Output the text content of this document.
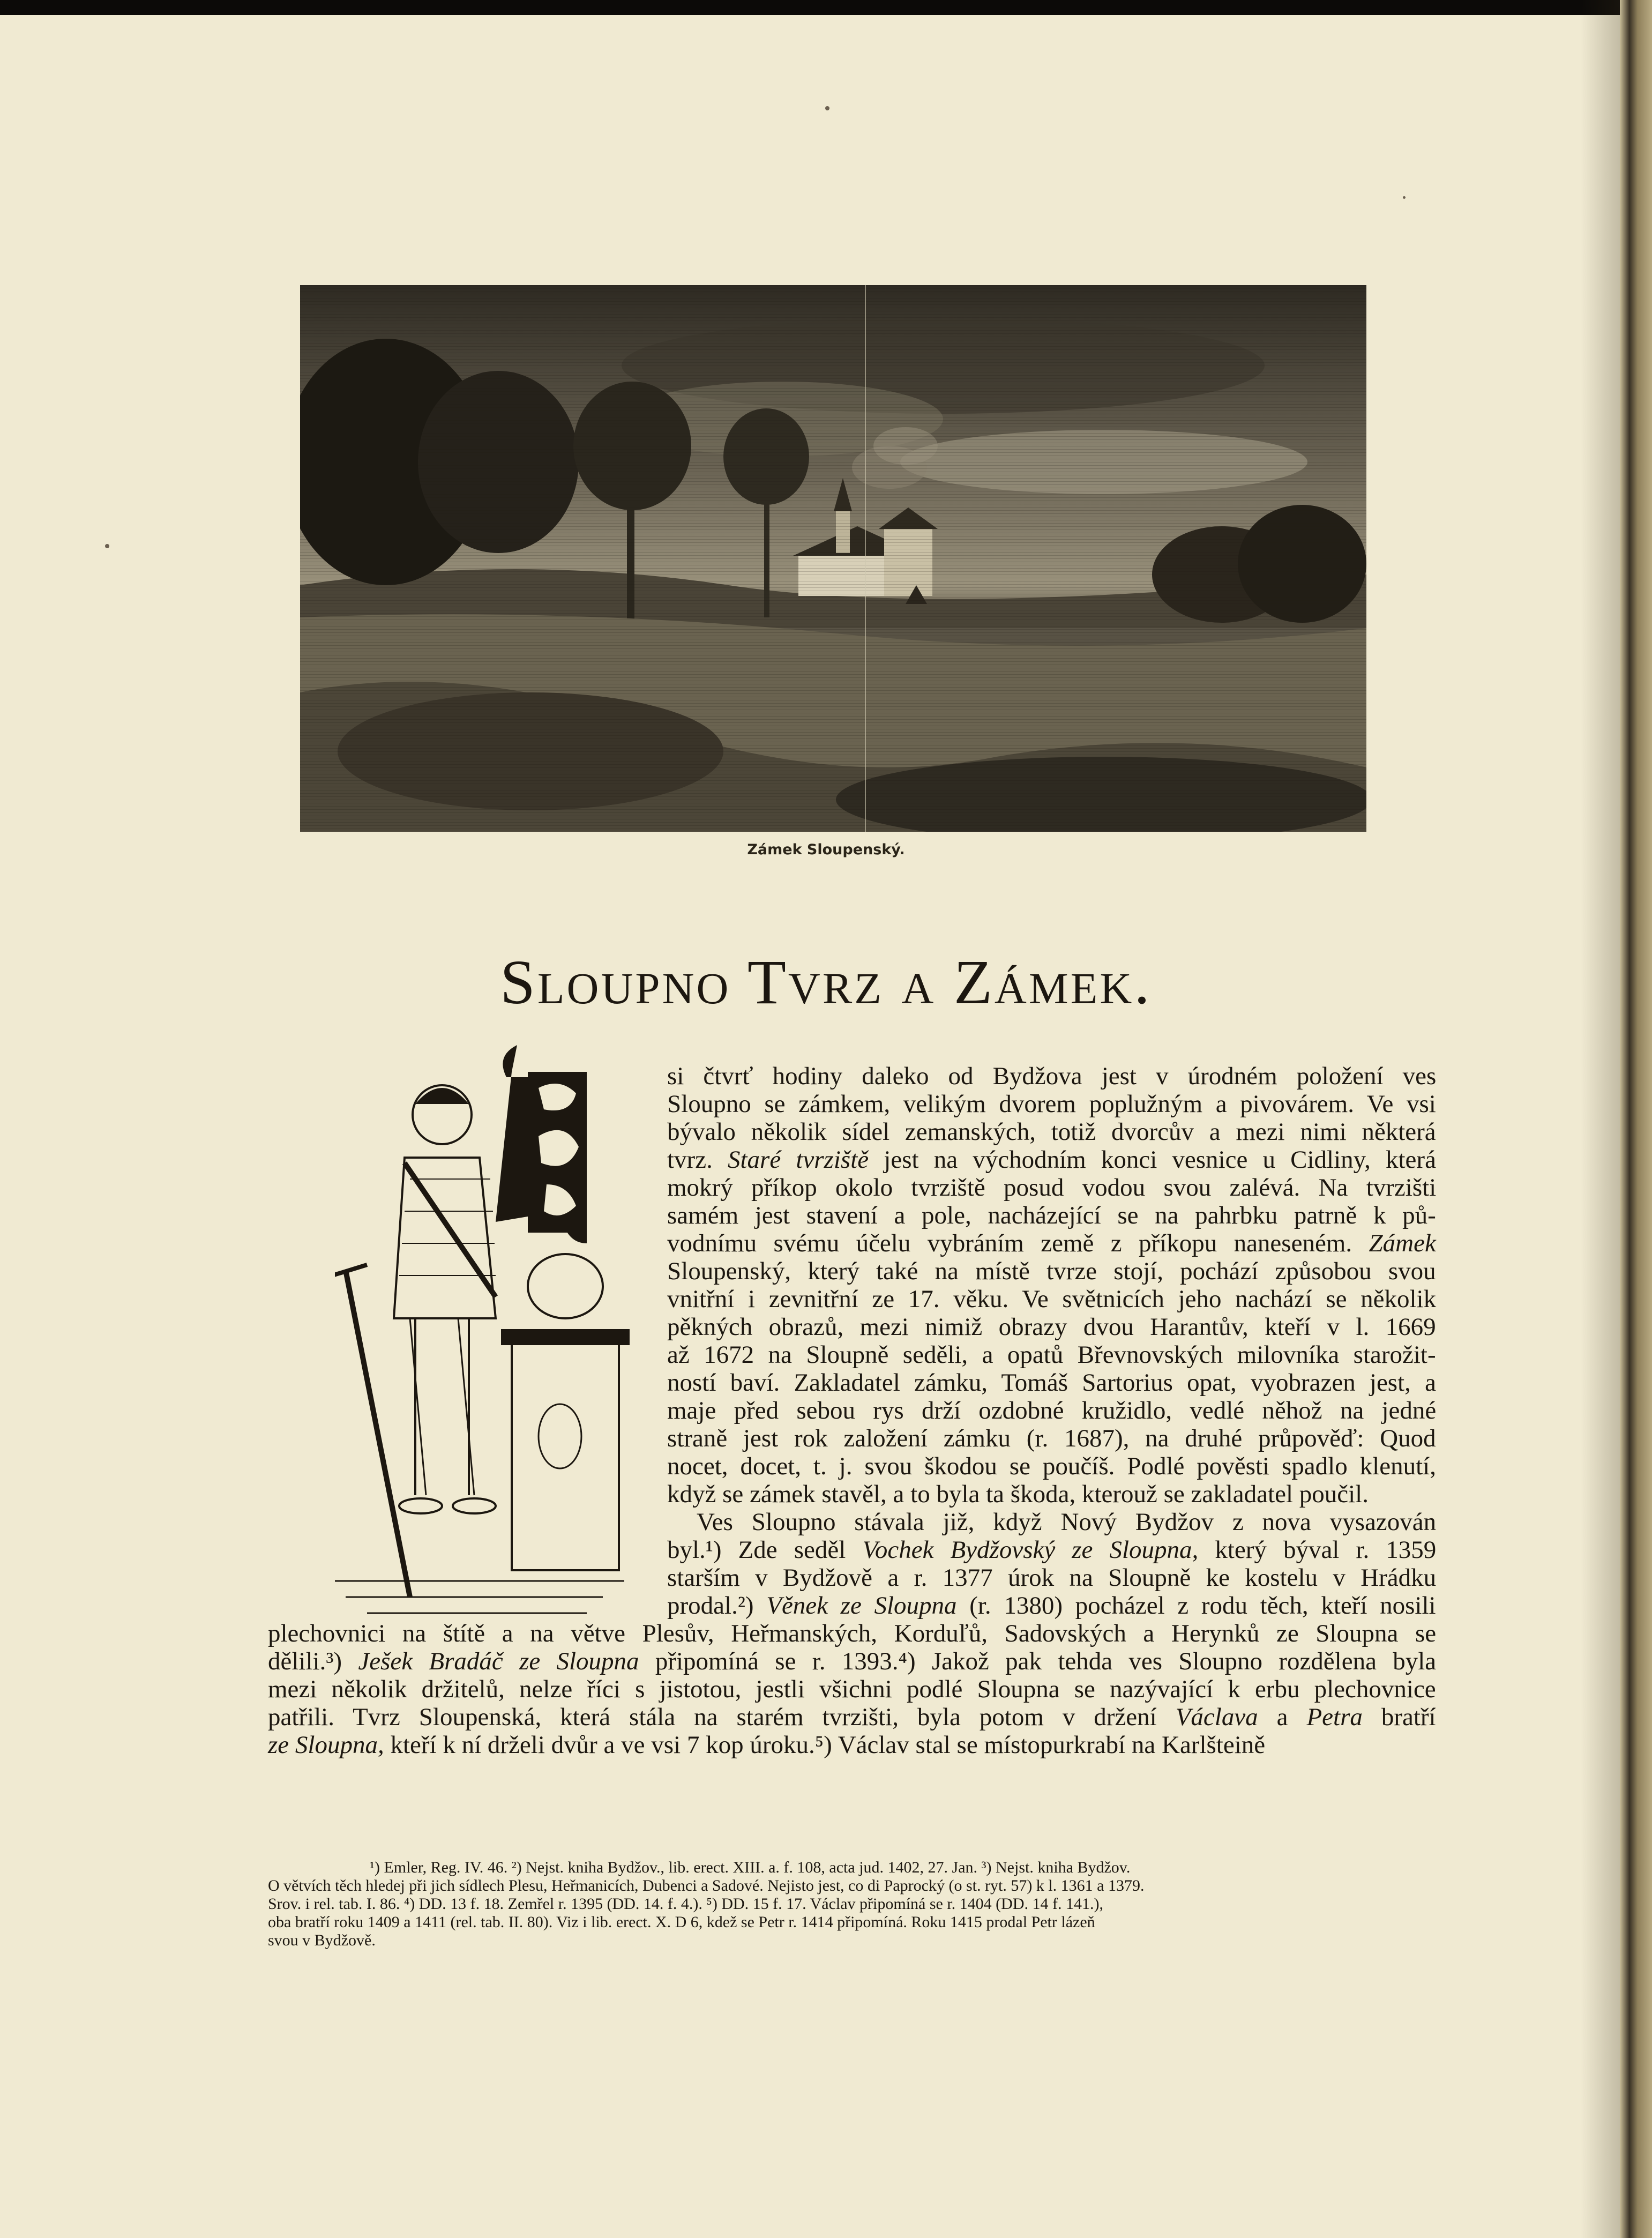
Zámek Sloupenský.
Sloupno Tvrz a Zámek.
si čtvrť hodiny daleko od Bydžova jest v úrodném položení ves
Sloupno se zámkem, velikým dvorem poplužným a pivovárem. Ve vsi
bývalo několik sídel zemanských, totiž dvorcův a mezi nimi některá
tvrz. Staré tvrziště jest na východním konci vesnice u Cidliny, která
mokrý příkop okolo tvrziště posud vodou svou zalévá. Na tvrzišti
samém jest stavení a pole, nacházející se na pahrbku patrně k pů-
vodnímu svému účelu vybráním země z příkopu naneseném. Zámek
Sloupenský, který také na místě tvrze stojí, pochází způsobou svou
vnitřní i zevnitřní ze 17. věku. Ve světnicích jeho nachází se několik
pěkných obrazů, mezi nimiž obrazy dvou Harantův, kteří v l. 1669
až 1672 na Sloupně seděli, a opatů Břevnovských milovníka starožit-
ností baví. Zakladatel zámku, Tomáš Sartorius opat, vyobrazen jest, a
maje před sebou rys drží ozdobné kružidlo, vedlé něhož na jedné
straně jest rok založení zámku (r. 1687), na druhé průpověď: Quod
nocet, docet, t. j. svou škodou se poučíš. Podlé pověsti spadlo klenutí,
když se zámek stavěl, a to byla ta škoda, kterouž se zakladatel poučil.
Ves Sloupno stávala již, když Nový Bydžov z nova vysazován
byl.¹) Zde seděl Vochek Bydžovský ze Sloupna, který býval r. 1359
starším v Bydžově a r. 1377 úrok na Sloupně ke kostelu v Hrádku
prodal.²) Věnek ze Sloupna (r. 1380) pocházel z rodu těch, kteří nosili
plechovnici na štítě a na větve Plesův, Heřmanských, Korduľů, Sadovských a Herynků ze Sloupna se
dělili.³) Ješek Bradáč ze Sloupna připomíná se r. 1393.⁴) Jakož pak tehda ves Sloupno rozdělena byla
mezi několik držitelů, nelze říci s jistotou, jestli všichni podlé Sloupna se nazývající k erbu plechovnice
patřili. Tvrz Sloupenská, která stála na starém tvrzišti, byla potom v držení Václava a Petra bratří
ze Sloupna, kteří k ní drželi dvůr a ve vsi 7 kop úroku.⁵) Václav stal se místopurkrabí na Karlšteině
¹) Emler, Reg. IV. 46. ²) Nejst. kniha Bydžov., lib. erect. XIII. a. f. 108, acta jud. 1402, 27. Jan. ³) Nejst. kniha Bydžov.
O větvích těch hledej při jich sídlech Plesu, Heřmanicích, Dubenci a Sadové. Nejisto jest, co di Paprocký (o st. ryt. 57) k l. 1361 a 1379.
Srov. i rel. tab. I. 86. ⁴) DD. 13 f. 18. Zemřel r. 1395 (DD. 14. f. 4.). ⁵) DD. 15 f. 17. Václav připomíná se r. 1404 (DD. 14 f. 141.),
oba bratří roku 1409 a 1411 (rel. tab. II. 80). Viz i lib. erect. X. D 6, kdež se Petr r. 1414 připomíná. Roku 1415 prodal Petr lázeň
svou v Bydžově.
